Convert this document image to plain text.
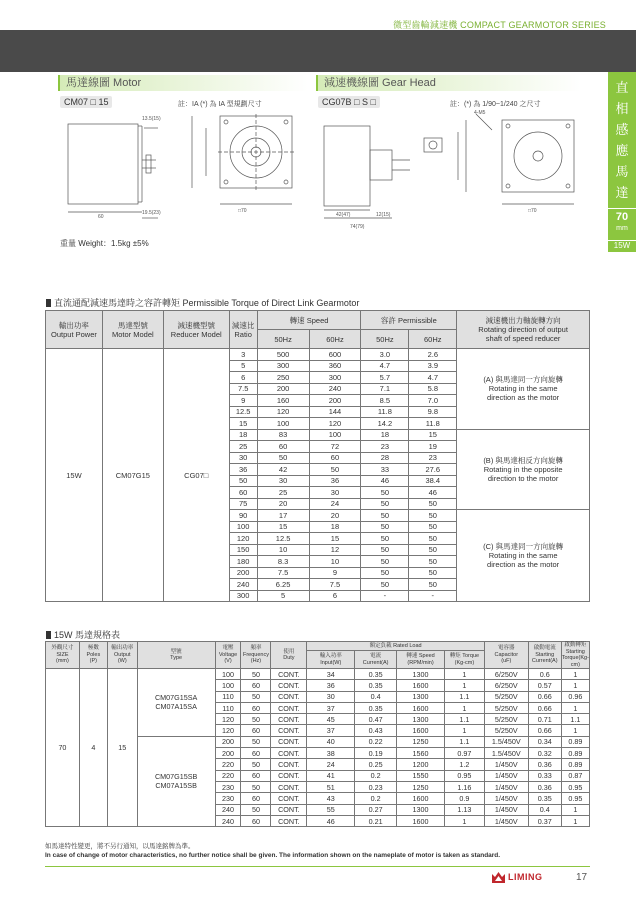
微型齒輪減速機 COMPACT GEARMOTOR SERIES
直
相
感
應
馬
達
70
mm
15W
馬達線圖 Motor
CM07 □ 15	註：IA (*) 為 IA 型規劃尺寸
60
□70
13.5(15)
19.5(23)
重量 Weight：1.5kg ±5%
減速機線圖 Gear Head
CG07B □ S □	註：(*) 為 1/90~1/240 之尺寸
42(47)	12(15)
74(79)
□70
4-M5
直流通配減速馬達時之容許轉矩 Permissible Torque of Direct Link Gearmotor
輸出功率
Output Power	馬達型號
Motor Model	減速機型號
Reducer Model	減速比
Ratio	轉速 Speed		容許 Permissible		減速機出力軸旋轉方向
Rotating direction of output
shaft of speed reducer
				50Hz	60Hz	50Hz	60Hz	
15W	CM07G15	CG07□	3	500	600	3.0	2.6	(A) 與馬達同一方向旋轉
Rotating in the same
direction as the motor
			5	300	360	4.7	3.9	
			6	250	300	5.7	4.7	
			7.5	200	240	7.1	5.8	
			9	160	200	8.5	7.0	
			12.5	120	144	11.8	9.8	
			15	100	120	14.2	11.8	
			18	83	100	18	15	(B) 與馬達相反方向旋轉
Rotating in the opposite
direction to the motor
			25	60	72	23	19	
			30	50	60	28	23	
			36	42	50	33	27.6	
			50	30	36	46	38.4	
			60	25	30	50	46	
			75	20	24	50	50	
			90	17	20	50	50	(C) 與馬達同一方向旋轉
Rotating in the same
direction as the motor
			100	15	18	50	50	
			120	12.5	15	50	50	
			150	10	12	50	50	
			180	8.3	10	50	50	
			200	7.5	9	50	50	
			240	6.25	7.5	50	50	
			300	5	6	-	-	
15W 馬達規格表
外觀尺寸
SIZE
(mm)	極數
Poles
(P)	輸出功率
Output
(W)	型號
Type	電壓
Voltage
(V)	頻率
Frequency
(Hz)	使用
Duty	額定負載 Rated Load				電容器
Capacitor
(uF)	啟動電流
Starting
Current(A)	啟動轉矩
Starting
Torque(Kg-cm)
							輸入功率
Input(W)	電流
Current(A)	轉速 Speed
(RPM/min)	轉矩 Torque
(Kg-cm)			
70	4	15	CM07G15SA
CM07A15SA	100	50	CONT.	34	0.35	1300	1	6/250V	0.6	1
				100	60	CONT.	36	0.35	1600	1	6/250V	0.57	1
				110	50	CONT.	30	0.4	1300	1.1	5/250V	0.66	0.96
				110	60	CONT.	37	0.35	1600	1	5/250V	0.66	1
				120	50	CONT.	45	0.47	1300	1.1	5/250V	0.71	1.1
				120	60	CONT.	37	0.43	1600	1	5/250V	0.66	1
			CM07G15SB
CM07A15SB	200	50	CONT.	40	0.22	1250	1.1	1.5/450V	0.34	0.89
				200	60	CONT.	38	0.19	1560	0.97	1.5/450V	0.32	0.89
				220	50	CONT.	24	0.25	1200	1.2	1/450V	0.36	0.89
				220	60	CONT.	41	0.2	1550	0.95	1/450V	0.33	0.87
				230	50	CONT.	51	0.23	1250	1.16	1/450V	0.36	0.95
				230	60	CONT.	43	0.2	1600	0.9	1/450V	0.35	0.95
				240	50	CONT.	55	0.27	1300	1.13	1/450V	0.4	1
				240	60	CONT.	46	0.21	1600	1	1/450V	0.37	1
如馬達特性變更，將不另行通知，以馬達銘牌為準。
In case of change of motor characteristics, no further notice shall be given. The information shown on the nameplate of motor is taken as standard.
LIMING	17
